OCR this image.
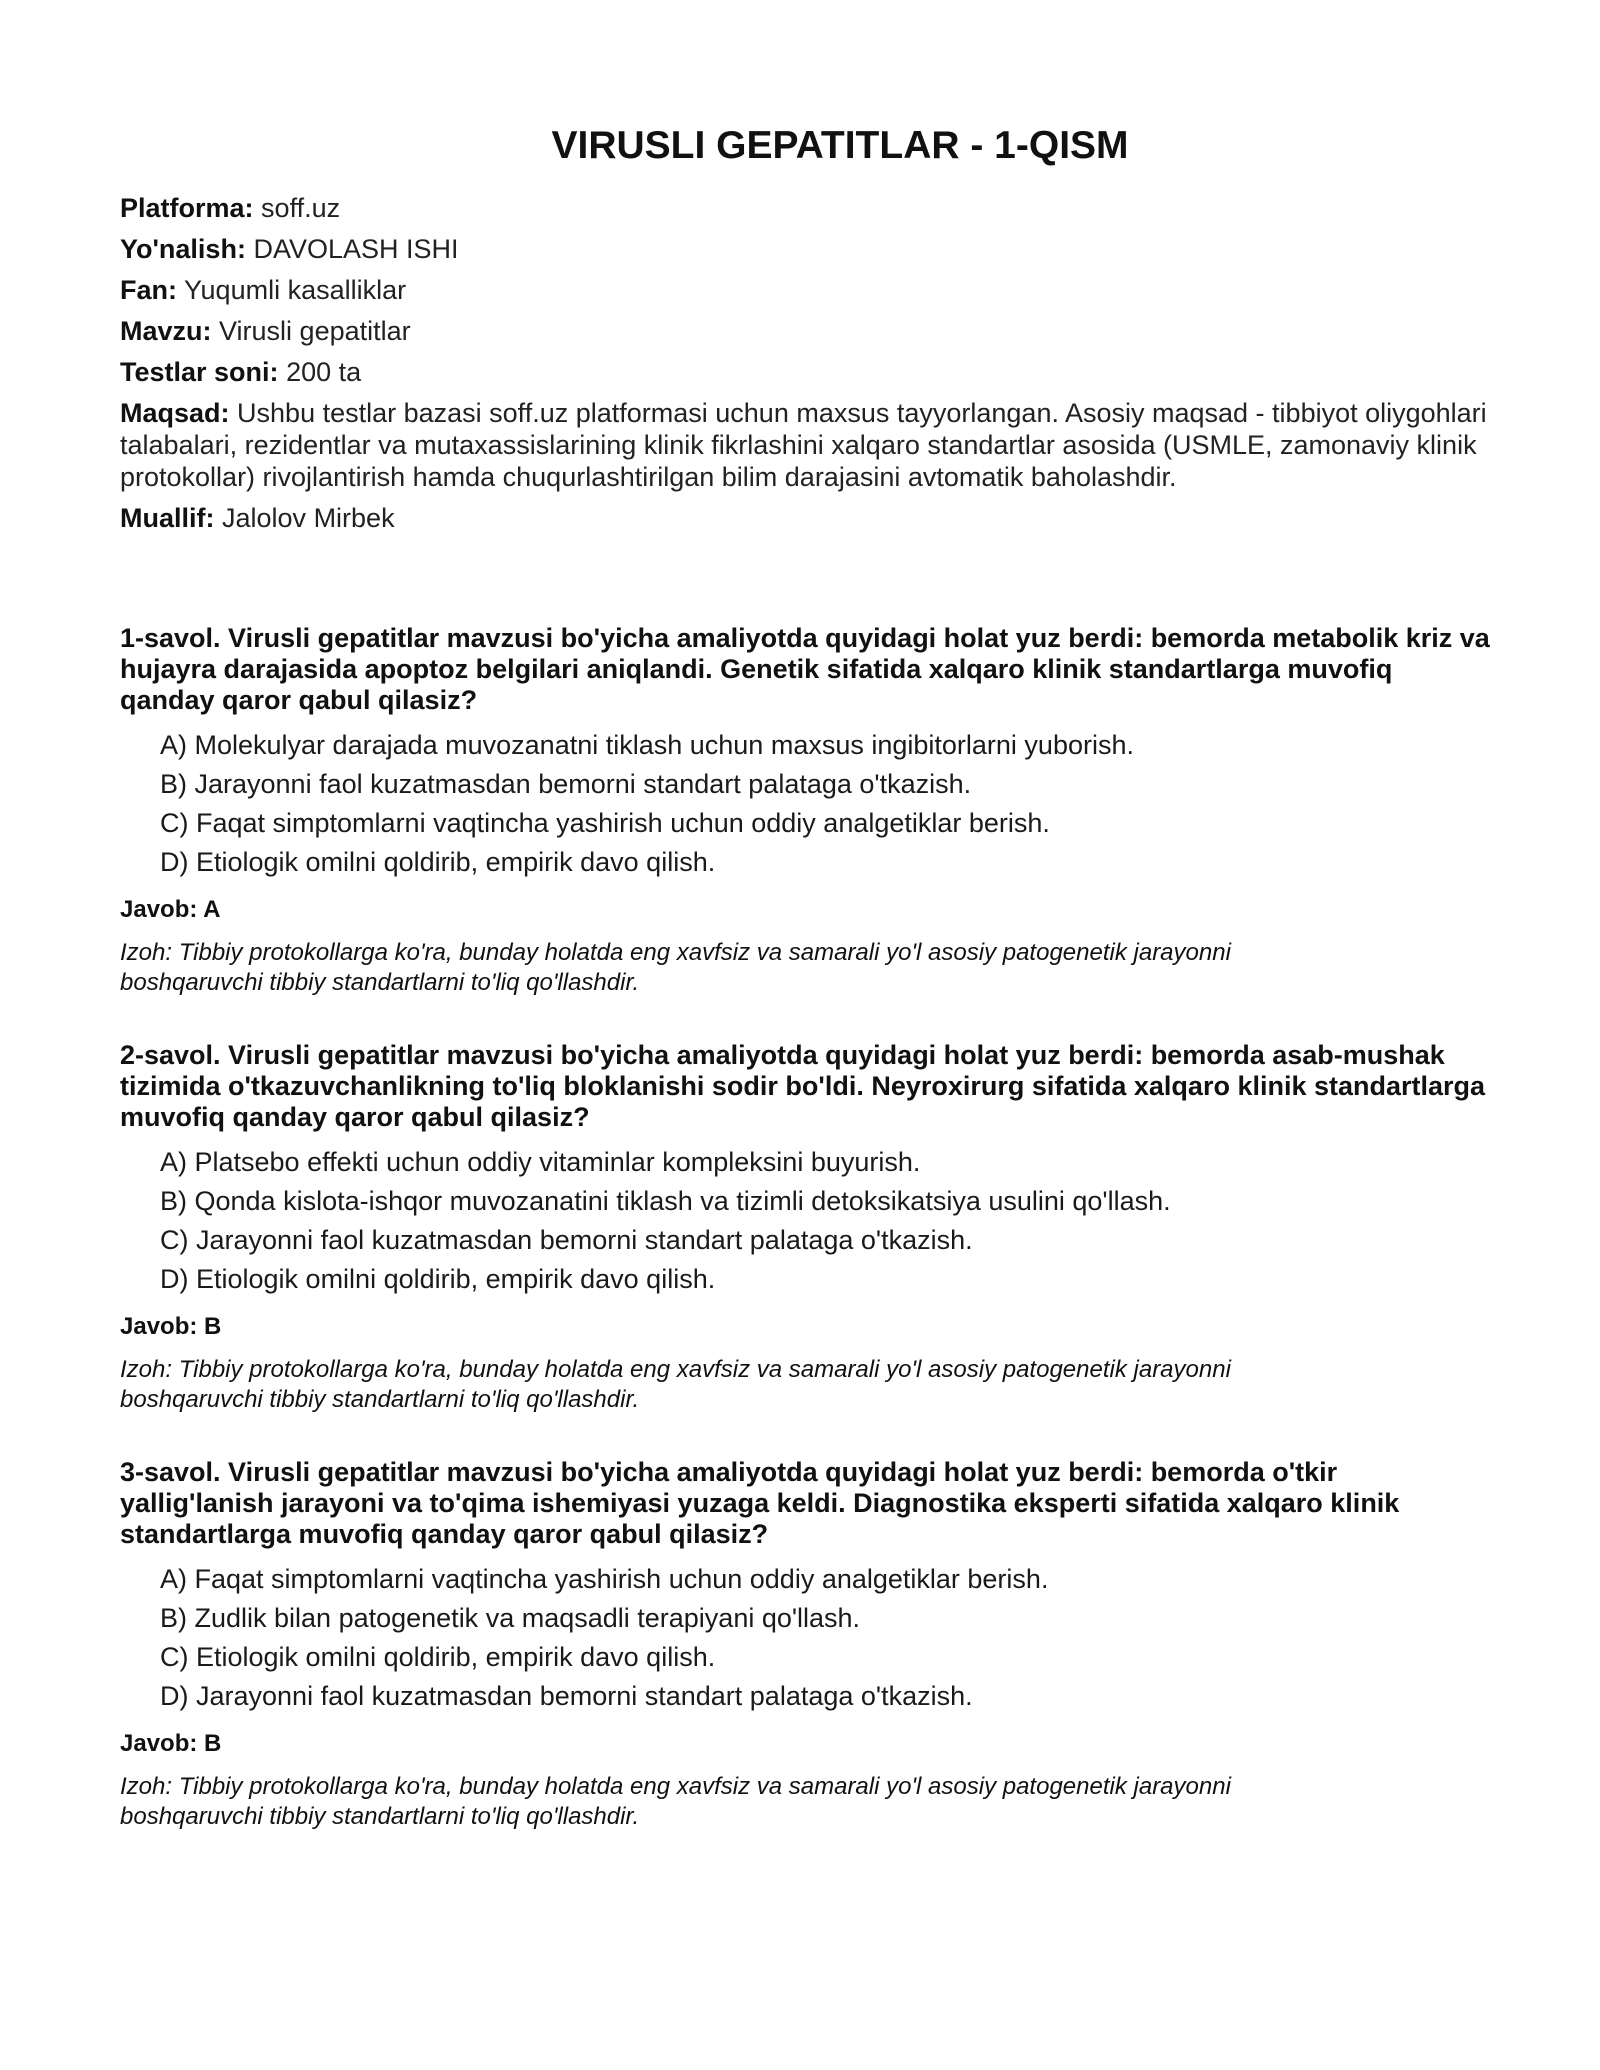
VIRUSLI GEPATITLAR - 1-QISM

Platforma: soff.uz

Yo'nalish: DAVOLASH ISHI

Fan: Yuqumli kasalliklar

Mavzu: Virusli gepatitlar

Testlar soni: 200 ta

Maqsad: Ushbu testlar bazasi soff.uz platformasi uchun maxsus tayyorlangan. Asosiy maqsad - tibbiyot oliygohlari talabalari, rezidentlar va mutaxassislarining klinik fikrlashini xalqaro standartlar asosida (USMLE, zamonaviy klinik protokollar) rivojlantirish hamda chuqurlashtirilgan bilim darajasini avtomatik baholashdir.

Muallif: Jalolov Mirbek

1-savol. Virusli gepatitlar mavzusi bo'yicha amaliyotda quyidagi holat yuz berdi: bemorda metabolik kriz va hujayra darajasida apoptoz belgilari aniqlandi. Genetik sifatida xalqaro klinik standartlarga muvofiq qanday qaror qabul qilasiz?

A) Molekulyar darajada muvozanatni tiklash uchun maxsus ingibitorlarni yuborish.

B) Jarayonni faol kuzatmasdan bemorni standart palataga o'tkazish.

C) Faqat simptomlarni vaqtincha yashirish uchun oddiy analgetiklar berish.

D) Etiologik omilni qoldirib, empirik davo qilish.

Javob: A

Izoh: Tibbiy protokollarga ko'ra, bunday holatda eng xavfsiz va samarali yo'l asosiy patogenetik jarayonni boshqaruvchi tibbiy standartlarni to'liq qo'llashdir.

2-savol. Virusli gepatitlar mavzusi bo'yicha amaliyotda quyidagi holat yuz berdi: bemorda asab-mushak tizimida o'tkazuvchanlikning to'liq bloklanishi sodir bo'ldi. Neyroxirurg sifatida xalqaro klinik standartlarga muvofiq qanday qaror qabul qilasiz?

A) Platsebo effekti uchun oddiy vitaminlar kompleksini buyurish.

B) Qonda kislota-ishqor muvozanatini tiklash va tizimli detoksikatsiya usulini qo'llash.

C) Jarayonni faol kuzatmasdan bemorni standart palataga o'tkazish.

D) Etiologik omilni qoldirib, empirik davo qilish.

Javob: B

Izoh: Tibbiy protokollarga ko'ra, bunday holatda eng xavfsiz va samarali yo'l asosiy patogenetik jarayonni boshqaruvchi tibbiy standartlarni to'liq qo'llashdir.

3-savol. Virusli gepatitlar mavzusi bo'yicha amaliyotda quyidagi holat yuz berdi: bemorda o'tkir yallig'lanish jarayoni va to'qima ishemiyasi yuzaga keldi. Diagnostika eksperti sifatida xalqaro klinik standartlarga muvofiq qanday qaror qabul qilasiz?

A) Faqat simptomlarni vaqtincha yashirish uchun oddiy analgetiklar berish.

B) Zudlik bilan patogenetik va maqsadli terapiyani qo'llash.

C) Etiologik omilni qoldirib, empirik davo qilish.

D) Jarayonni faol kuzatmasdan bemorni standart palataga o'tkazish.

Javob: B

Izoh: Tibbiy protokollarga ko'ra, bunday holatda eng xavfsiz va samarali yo'l asosiy patogenetik jarayonni boshqaruvchi tibbiy standartlarni to'liq qo'llashdir.
